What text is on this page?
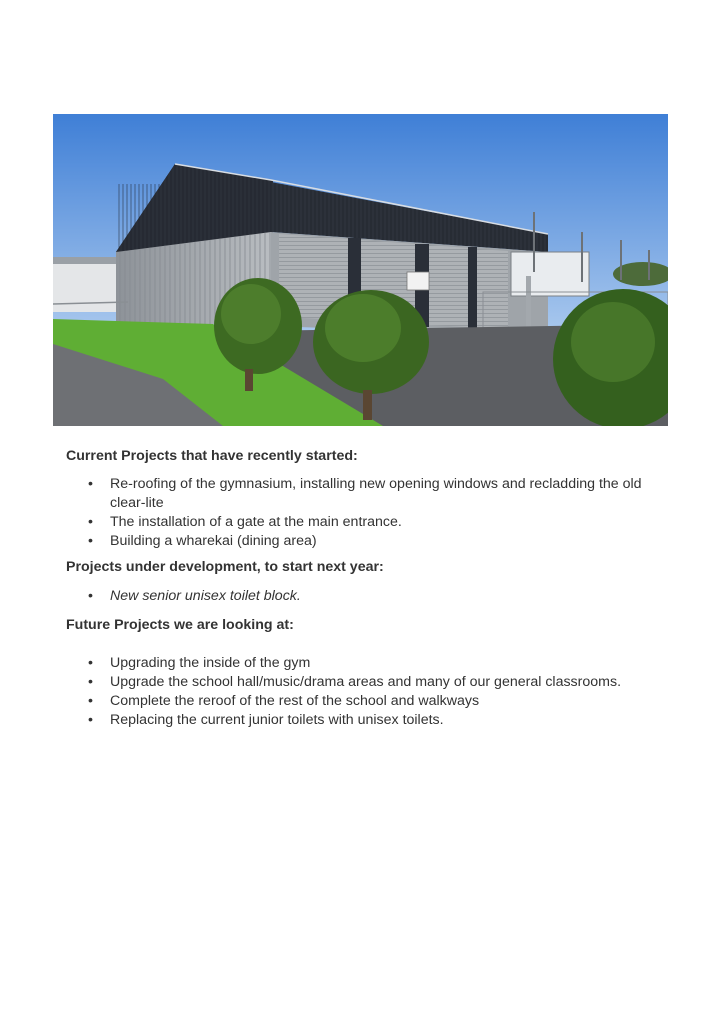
Current Projects that have recently started:

• Re-roofing of the gymnasium, installing new opening windows and recladding the old clear-lite
• The installation of a gate at the main entrance.
• Building a wharekai (dining area)

Projects under development, to start next year:

• New senior unisex toilet block.

Future Projects we are looking at:

• Upgrading the inside of the gym
• Upgrade the school hall/music/drama areas and many of our general classrooms.
• Complete the reroof of the rest of the school and walkways
• Replacing the current junior toilets with unisex toilets.
